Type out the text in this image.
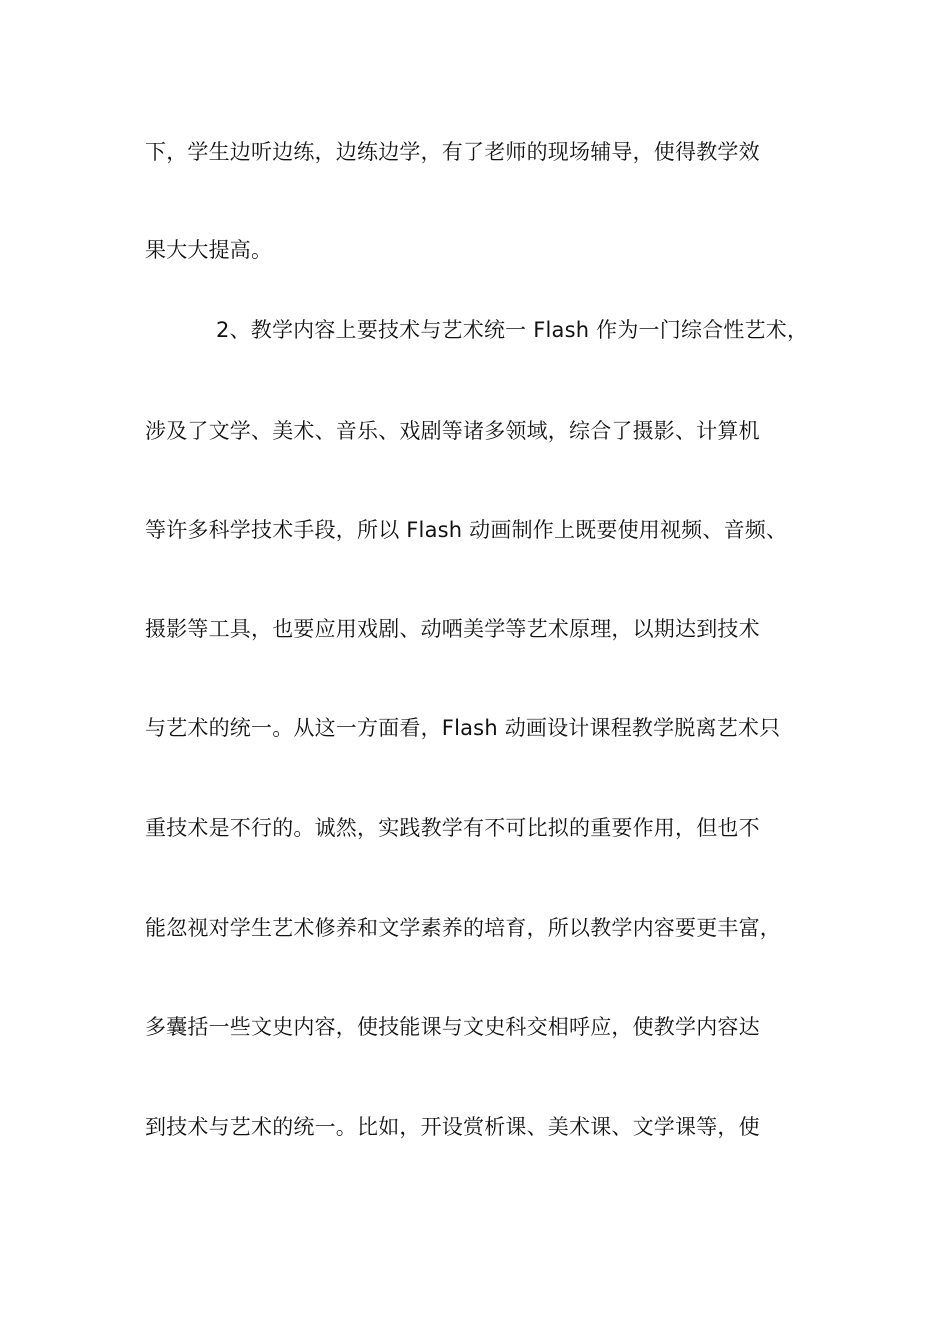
下，学生边听边练，边练边学，有了老师的现场辅导，使得教学效
果大大提高。
2、教学内容上要技术与艺术统一 Flash 作为一门综合性艺术，
涉及了文学、美术、音乐、戏剧等诸多领域，综合了摄影、计算机
等许多科学技术手段，所以 Flash 动画制作上既要使用视频、音频、
摄影等工具，也要应用戏剧、动哂美学等艺术原理，以期达到技术
与艺术的统一。从这一方面看，Flash 动画设计课程教学脱离艺术只
重技术是不行的。诚然，实践教学有不可比拟的重要作用，但也不
能忽视对学生艺术修养和文学素养的培育，所以教学内容要更丰富，
多囊括一些文史内容，使技能课与文史科交相呼应，使教学内容达
到技术与艺术的统一。比如，开设赏析课、美术课、文学课等，使
